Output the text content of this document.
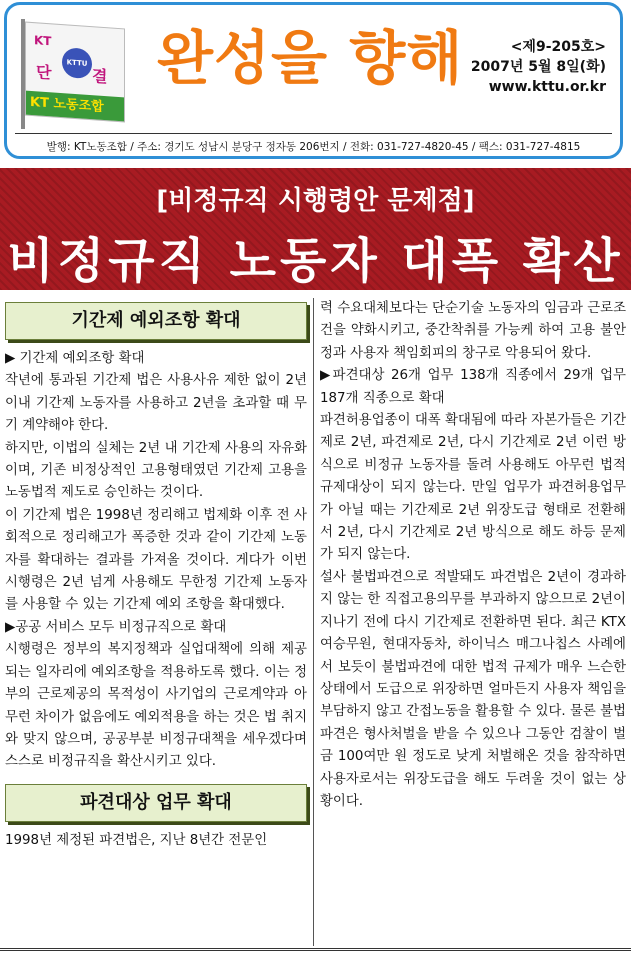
KT
단	KTTU
결
KT 노동조합
완성을 향해	<제9-205호>
2007년 5월 8일(화)
www.kttu.or.kr
발행: KT노동조합 / 주소: 경기도 성남시 분당구 정자동 206번지 / 전화: 031-727-4820-45 / 팩스: 031-727-4815
[비정규직 시행령안 문제점]
비정규직 노동자 대폭 확산
기간제 예외조항 확대

▶ 기간제 예외조항 확대

작년에 통과된 기간제 법은 사용사유 제한 없이 2년 이내 기간제 노동자를 사용하고 2년을 초과할 때 무기 계약해야 한다.

하지만, 이법의 실체는 2년 내 기간제 사용의 자유화이며, 기존 비정상적인 고용형태였던 기간제 고용을 노동법적 제도로 승인하는 것이다.

이 기간제 법은 1998년 정리해고 법제화 이후 전 사회적으로 정리해고가 폭증한 것과 같이 기간제 노동자를 확대하는 결과를 가져올 것이다. 게다가 이번 시행령은 2년 넘게 사용해도 무한정 기간제 노동자를 사용할 수 있는 기간제 예외 조항을 확대했다.

▶공공 서비스 모두 비정규직으로 확대

시행령은 정부의 복지정책과 실업대책에 의해 제공되는 일자리에 예외조항을 적용하도록 했다. 이는 정부의 근로제공의 목적성이 사기업의 근로계약과 아무런 차이가 없음에도 예외적용을 하는 것은 법 취지와 맞지 않으며, 공공부분 비정규대책을 세우겠다며 스스로 비정규직을 확산시키고 있다.

파견대상 업무 확대

1998년 제정된 파견법은, 지난 8년간 전문인

력 수요대체보다는 단순기술 노동자의 임금과 근로조건을 약화시키고, 중간착취를 가능케 하여 고용 불안정과 사용자 책임회피의 창구로 악용되어 왔다.

▶파견대상 26개 업무 138개 직종에서 29개 업무 187개 직종으로 확대

파견허용업종이 대폭 확대됨에 따라 자본가들은 기간제로 2년, 파견제로 2년, 다시 기간제로 2년 이런 방식으로 비정규 노동자를 돌려 사용해도 아무런 법적 규제대상이 되지 않는다. 만일 업무가 파견허용업무가 아닐 때는 기간제로 2년 위장도급 형태로 전환해서 2년, 다시 기간제로 2년 방식으로 해도 하등 문제가 되지 않는다.

설사 불법파견으로 적발돼도 파견법은 2년이 경과하지 않는 한 직접고용의무를 부과하지 않으므로 2년이 지나기 전에 다시 기간제로 전환하면 된다. 최근 KTX 여승무원, 현대자동차, 하이닉스 매그나칩스 사례에서 보듯이 불법파견에 대한 법적 규제가 매우 느슨한 상태에서 도급으로 위장하면 얼마든지 사용자 책임을 부담하지 않고 간접노동을 활용할 수 있다. 물론 불법파견은 형사처벌을 받을 수 있으나 그동안 검찰이 벌금 100여만 원 정도로 낮게 처벌해온 것을 참작하면 사용자로서는 위장도급을 해도 두려울 것이 없는 상황이다.
